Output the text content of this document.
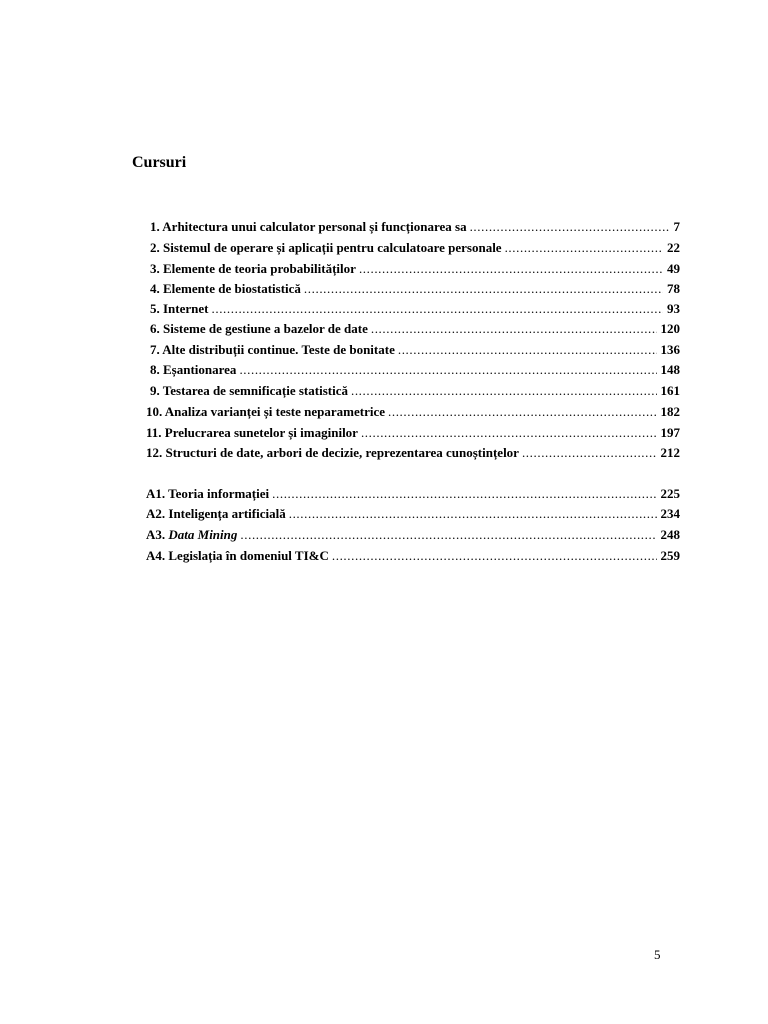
Cursuri
1. Arhitectura unui calculator personal și funcționarea sa .....	7
2. Sistemul de operare și aplicații pentru calculatoare personale .....	22
3. Elemente de teoria probabilităților .....	49
4. Elemente de biostatistică .....	78
5. Internet .....	93
6. Sisteme de gestiune a bazelor de date .....	120
7. Alte distribuții continue. Teste de bonitate .....	136
8. Eșantionarea .....	148
9. Testarea de semnificație statistică .....	161
10. Analiza varianței și teste neparametrice .....	182
11. Prelucrarea sunetelor și imaginilor .....	197
12. Structuri de date, arbori de decizie, reprezentarea cunoștințelor .....	212
A1. Teoria informației .....	225
A2. Inteligența artificială .....	234
A3. Data Mining .....	248
A4. Legislația în domeniul TI&C .....	259
5
